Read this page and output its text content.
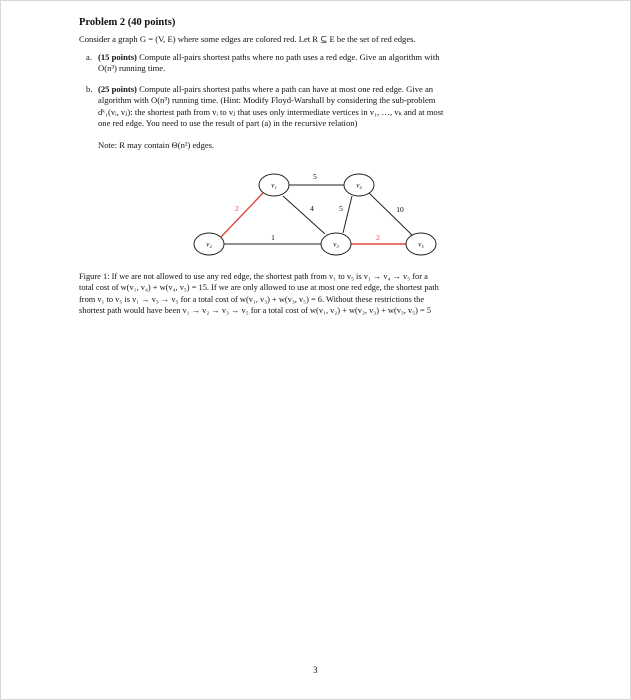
Problem 2 (40 points)
Consider a graph G = (V, E) where some edges are colored red. Let R ⊆ E be the set of red edges.
a. (15 points) Compute all-pairs shortest paths where no path uses a red edge. Give an algorithm with
O(n³) running time.
b. (25 points) Compute all-pairs shortest paths where a path can have at most one red edge. Give an
algorithm with O(n³) running time. (Hint: Modify Floyd-Warshall by considering the sub-problem
dᵏ₁(vᵢ, vⱼ): the shortest path from vᵢ to vⱼ that uses only intermediate vertices in v₁, …, vₖ and at most
one red edge. You need to use the result of part (a) in the recursive relation)
Note: R may contain Θ(n²) edges.
v₁	v₄
v₂	v₃	v₅
5
2	4	5	10
1	2
Figure 1: If we are not allowed to use any red edge, the shortest path from v₁ to v₅ is v₁ → v₄ → v₅ for a
total cost of w(v₁, v₄) + w(v₄, v₅) = 15. If we are only allowed to use at most one red edge, the shortest path
from v₁ to v₅ is v₁ → v₃ → v₅ for a total cost of w(v₁, v₃) + w(v₃, v₅) = 6. Without these restrictions the
shortest path would have been v₁ → v₂ → v₃ → v₅ for a total cost of w(v₁, v₂) + w(v₂, v₃) + w(v₃, v₅) = 5
3
